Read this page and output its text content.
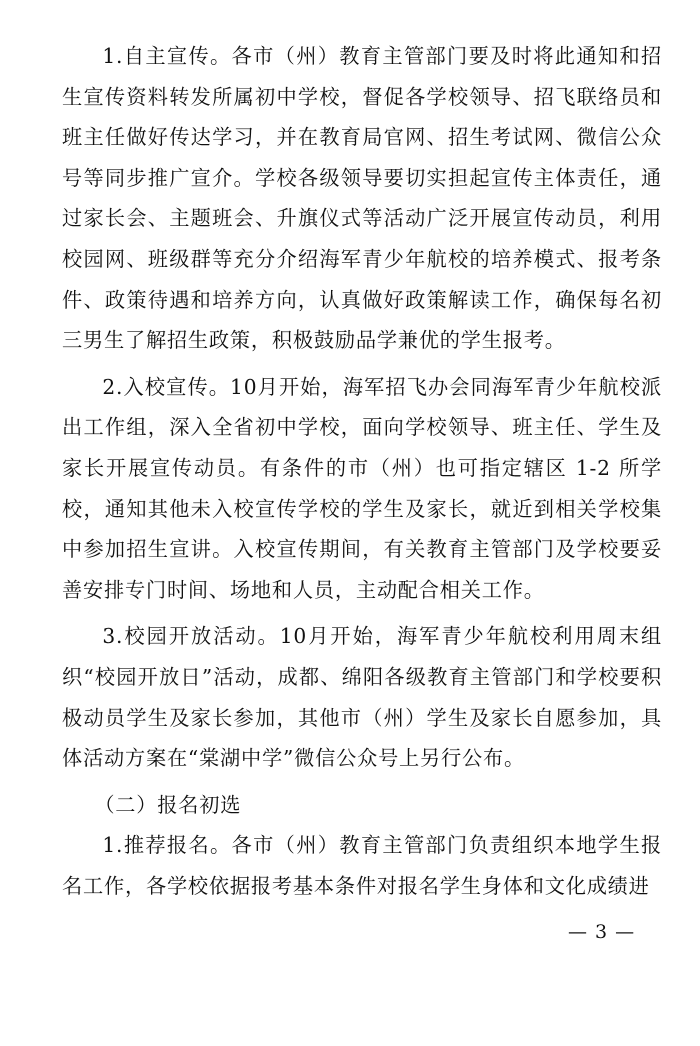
1.自主宣传。各市（州）教育主管部门要及时将此通知和招生宣传资料转发所属初中学校，督促各学校领导、招飞联络员和班主任做好传达学习，并在教育局官网、招生考试网、微信公众号等同步推广宣介。学校各级领导要切实担起宣传主体责任，通过家长会、主题班会、升旗仪式等活动广泛开展宣传动员，利用校园网、班级群等充分介绍海军青少年航校的培养模式、报考条件、政策待遇和培养方向，认真做好政策解读工作，确保每名初三男生了解招生政策，积极鼓励品学兼优的学生报考。

2.入校宣传。10月开始，海军招飞办会同海军青少年航校派出工作组，深入全省初中学校，面向学校领导、班主任、学生及家长开展宣传动员。有条件的市（州）也可指定辖区 1-2 所学校，通知其他未入校宣传学校的学生及家长，就近到相关学校集中参加招生宣讲。入校宣传期间，有关教育主管部门及学校要妥善安排专门时间、场地和人员，主动配合相关工作。

3.校园开放活动。10月开始，海军青少年航校利用周末组织“校园开放日”活动，成都、绵阳各级教育主管部门和学校要积极动员学生及家长参加，其他市（州）学生及家长自愿参加，具体活动方案在“棠湖中学”微信公众号上另行公布。

（二）报名初选

1.推荐报名。各市（州）教育主管部门负责组织本地学生报名工作，各学校依据报考基本条件对报名学生身体和文化成绩进

— 3 —
